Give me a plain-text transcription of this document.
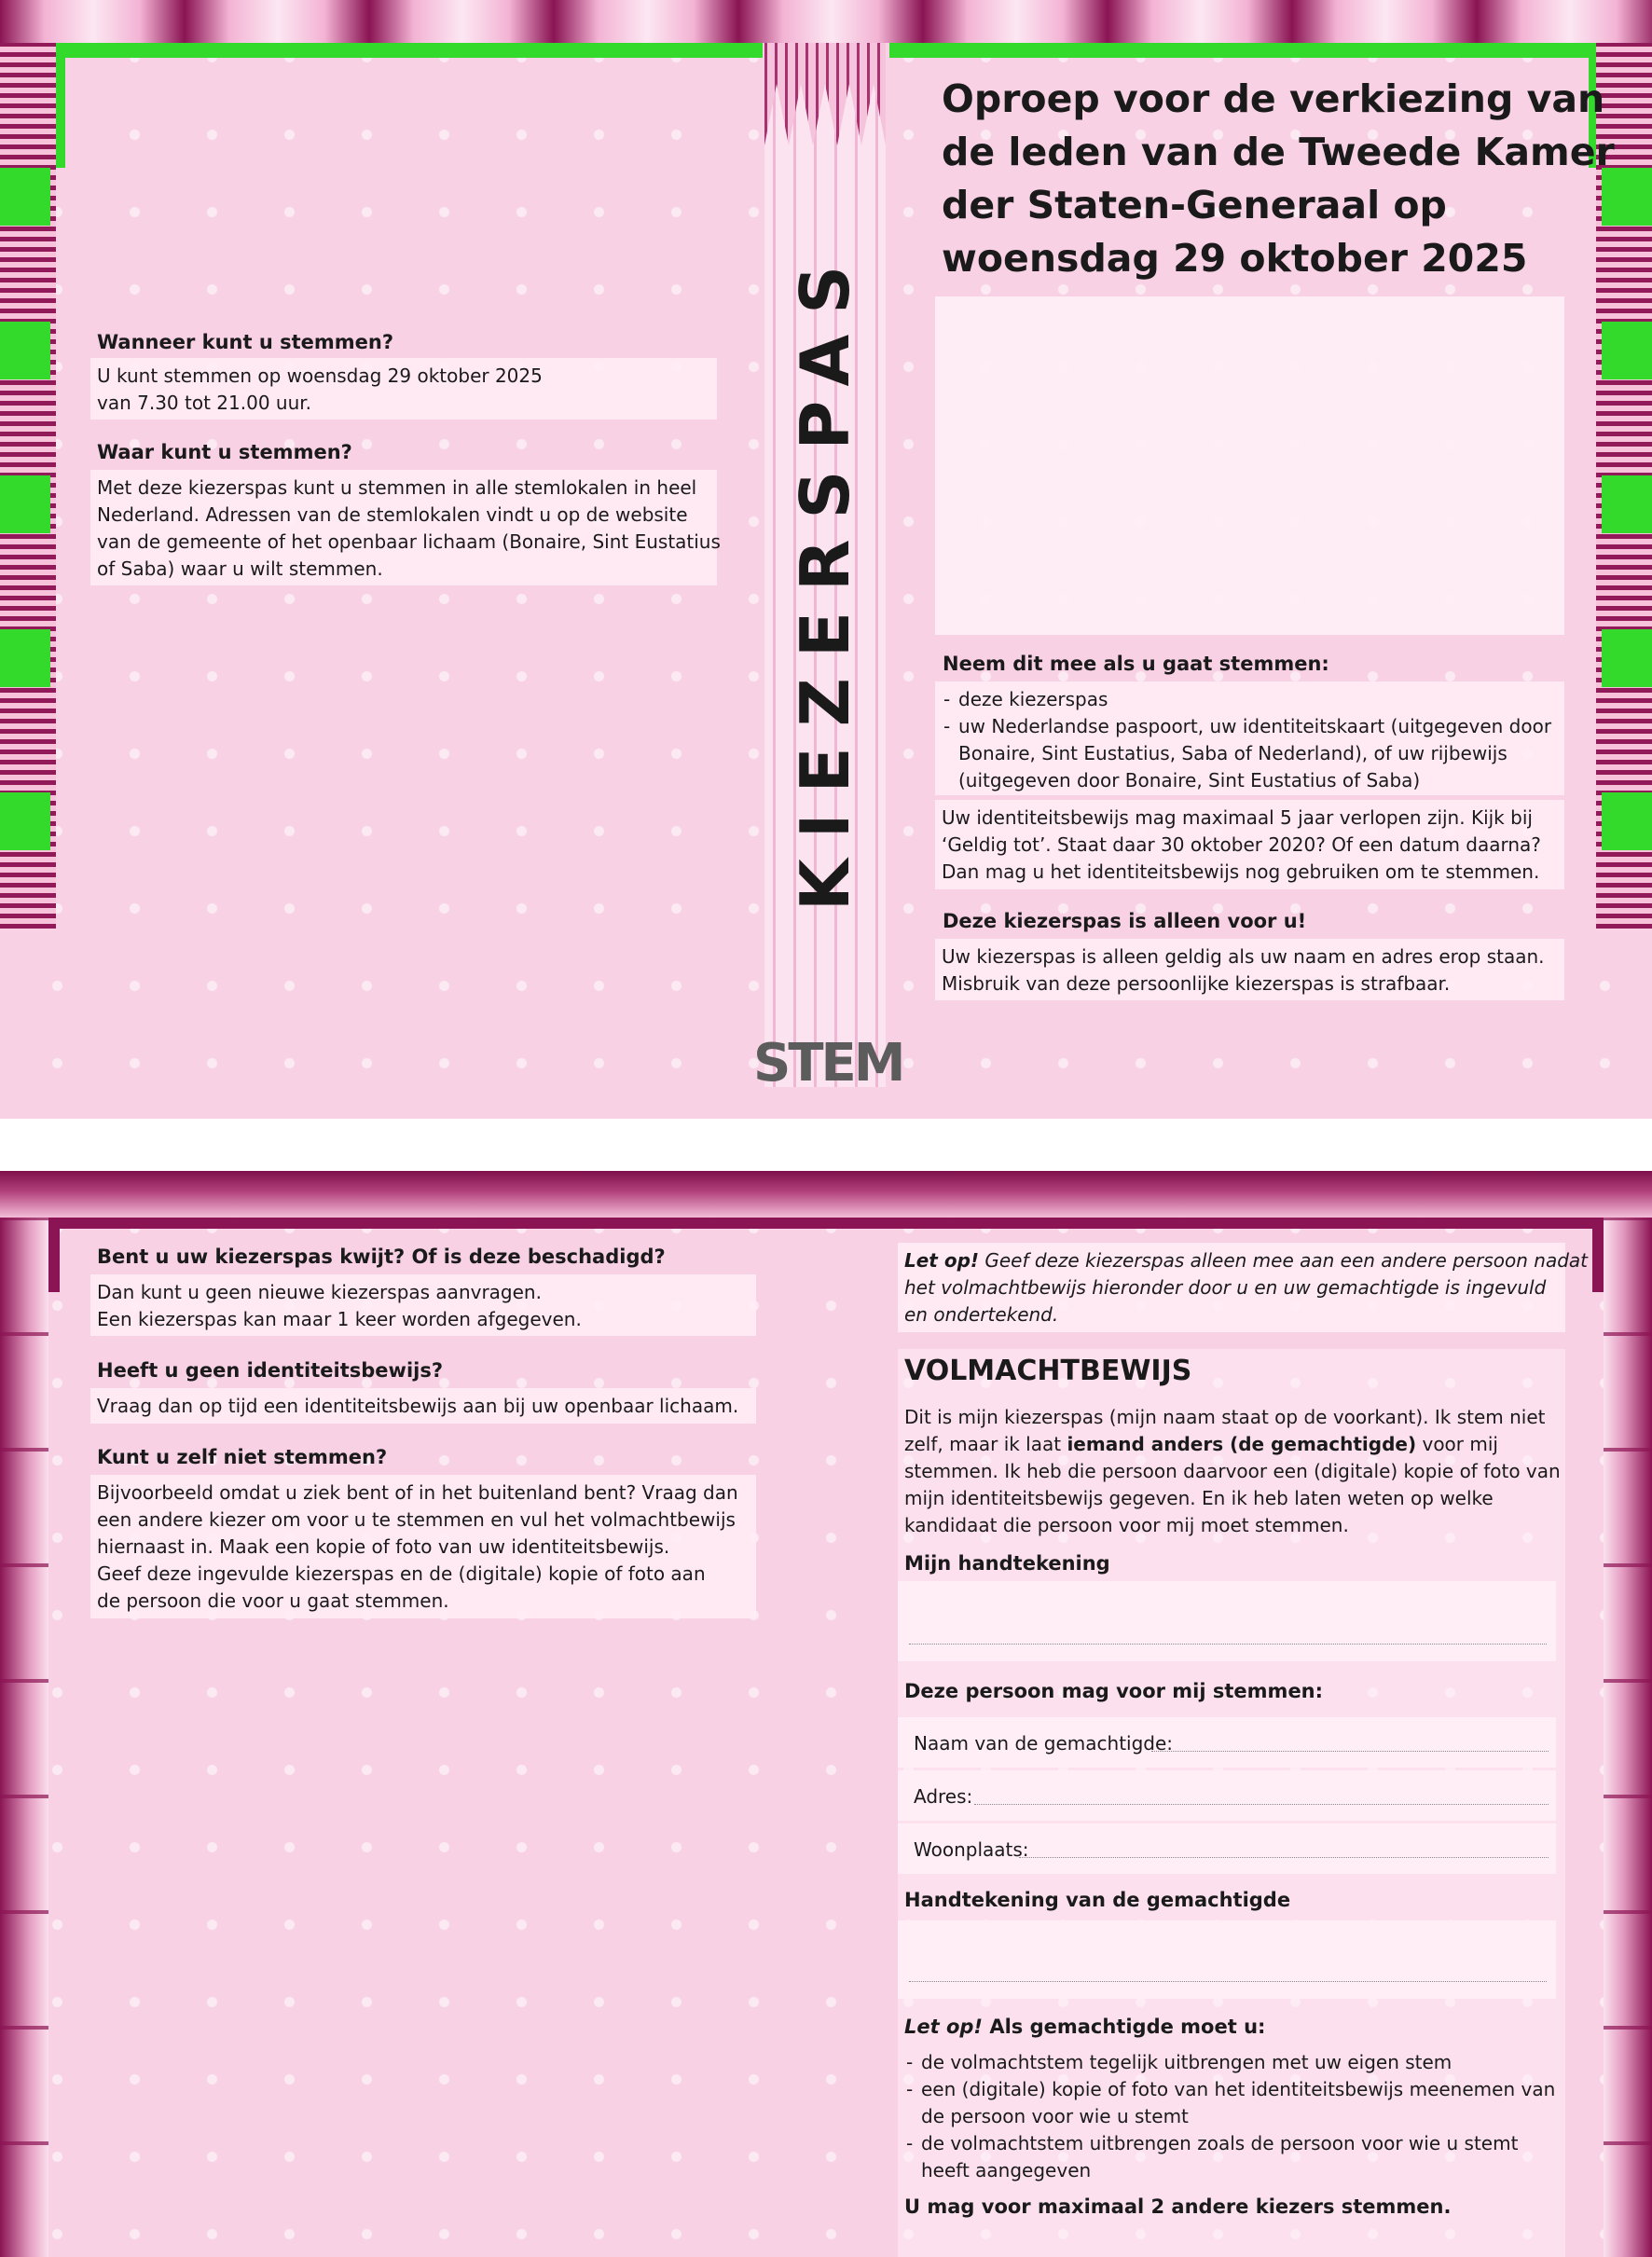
KIEZERSPAS
STEM
Wanneer kunt u stemmen?
U kunt stemmen op woensdag 29 oktober 2025
van 7.30 tot 21.00 uur.
Waar kunt u stemmen?
Met deze kiezerspas kunt u stemmen in alle stemlokalen in heel
Nederland. Adressen van de stemlokalen vindt u op de website
van de gemeente of het openbaar lichaam (Bonaire, Sint Eustatius
of Saba) waar u wilt stemmen.
Oproep voor de verkiezing van
de leden van de Tweede Kamer
der Staten-Generaal op
woensdag 29 oktober 2025
Neem dit mee als u gaat stemmen:
- deze kiezerspas
- uw Nederlandse paspoort, uw identiteitskaart (uitgegeven door
Bonaire, Sint Eustatius, Saba of Nederland), of uw rijbewijs
(uitgegeven door Bonaire, Sint Eustatius of Saba)
Uw identiteitsbewijs mag maximaal 5 jaar verlopen zijn. Kijk bij
‘Geldig tot’. Staat daar 30 oktober 2020? Of een datum daarna?
Dan mag u het identiteitsbewijs nog gebruiken om te stemmen.
Deze kiezerspas is alleen voor u!
Uw kiezerspas is alleen geldig als uw naam en adres erop staan.
Misbruik van deze persoonlijke kiezerspas is strafbaar.
Bent u uw kiezerspas kwijt? Of is deze beschadigd?
Dan kunt u geen nieuwe kiezerspas aanvragen.
Een kiezerspas kan maar 1 keer worden afgegeven.
Heeft u geen identiteitsbewijs?
Vraag dan op tijd een identiteitsbewijs aan bij uw openbaar lichaam.
Kunt u zelf niet stemmen?
Bijvoorbeeld omdat u ziek bent of in het buitenland bent? Vraag dan
een andere kiezer om voor u te stemmen en vul het volmachtbewijs
hiernaast in. Maak een kopie of foto van uw identiteitsbewijs.
Geef deze ingevulde kiezerspas en de (digitale) kopie of foto aan
de persoon die voor u gaat stemmen.
Let op! Geef deze kiezerspas alleen mee aan een andere persoon nadat
het volmachtbewijs hieronder door u en uw gemachtigde is ingevuld
en ondertekend.
VOLMACHTBEWIJS
Dit is mijn kiezerspas (mijn naam staat op de voorkant). Ik stem niet
zelf, maar ik laat iemand anders (de gemachtigde) voor mij
stemmen. Ik heb die persoon daarvoor een (digitale) kopie of foto van
mijn identiteitsbewijs gegeven. En ik heb laten weten op welke
kandidaat die persoon voor mij moet stemmen.
Mijn handtekening
Deze persoon mag voor mij stemmen:
Naam van de gemachtigde:
Adres:
Woonplaats:
Handtekening van de gemachtigde
Let op! Als gemachtigde moet u:
- de volmachtstem tegelijk uitbrengen met uw eigen stem
- een (digitale) kopie of foto van het identiteitsbewijs meenemen van
de persoon voor wie u stemt
- de volmachtstem uitbrengen zoals de persoon voor wie u stemt
heeft aangegeven
U mag voor maximaal 2 andere kiezers stemmen.
